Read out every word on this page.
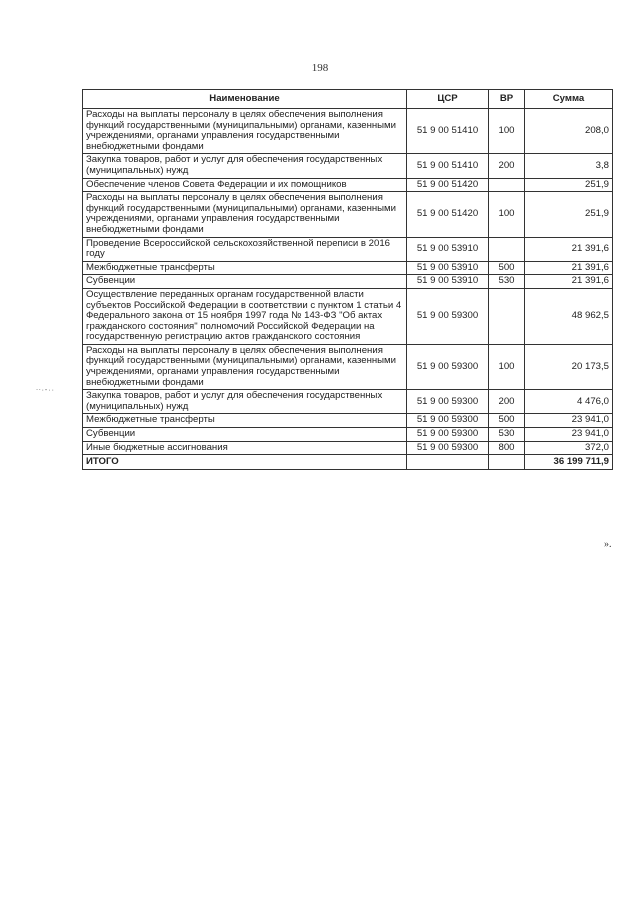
198
ᐧᐧ·-··
Наименование	ЦСР	ВР	Сумма
Расходы на выплаты персоналу в целях обеспечения выполнения функций государственными (муниципальными) органами, казенными учреждениями, органами управления государственными внебюджетными фондами	51 9 00 51410	100	208,0
Закупка товаров, работ и услуг для обеспечения государственных (муниципальных) нужд	51 9 00 51410	200	3,8
Обеспечение членов Совета Федерации и их помощников	51 9 00 51420		251,9
Расходы на выплаты персоналу в целях обеспечения выполнения функций государственными (муниципальными) органами, казенными учреждениями, органами управления государственными внебюджетными фондами	51 9 00 51420	100	251,9
Проведение Всероссийской сельскохозяйственной переписи в 2016 году	51 9 00 53910		21 391,6
Межбюджетные трансферты	51 9 00 53910	500	21 391,6
Субвенции	51 9 00 53910	530	21 391,6
Осуществление переданных органам государственной власти субъектов Российской Федерации в соответствии с пунктом 1 статьи 4 Федерального закона от 15 ноября 1997 года № 143-ФЗ "Об актах гражданского состояния" полномочий Российской Федерации на государственную регистрацию актов гражданского состояния	51 9 00 59300		48 962,5
Расходы на выплаты персоналу в целях обеспечения выполнения функций государственными (муниципальными) органами, казенными учреждениями, органами управления государственными внебюджетными фондами	51 9 00 59300	100	20 173,5
Закупка товаров, работ и услуг для обеспечения государственных (муниципальных) нужд	51 9 00 59300	200	4 476,0
Межбюджетные трансферты	51 9 00 59300	500	23 941,0
Субвенции	51 9 00 59300	530	23 941,0
Иные бюджетные ассигнования	51 9 00 59300	800	372,0
ИТОГО			36 199 711,9
».
